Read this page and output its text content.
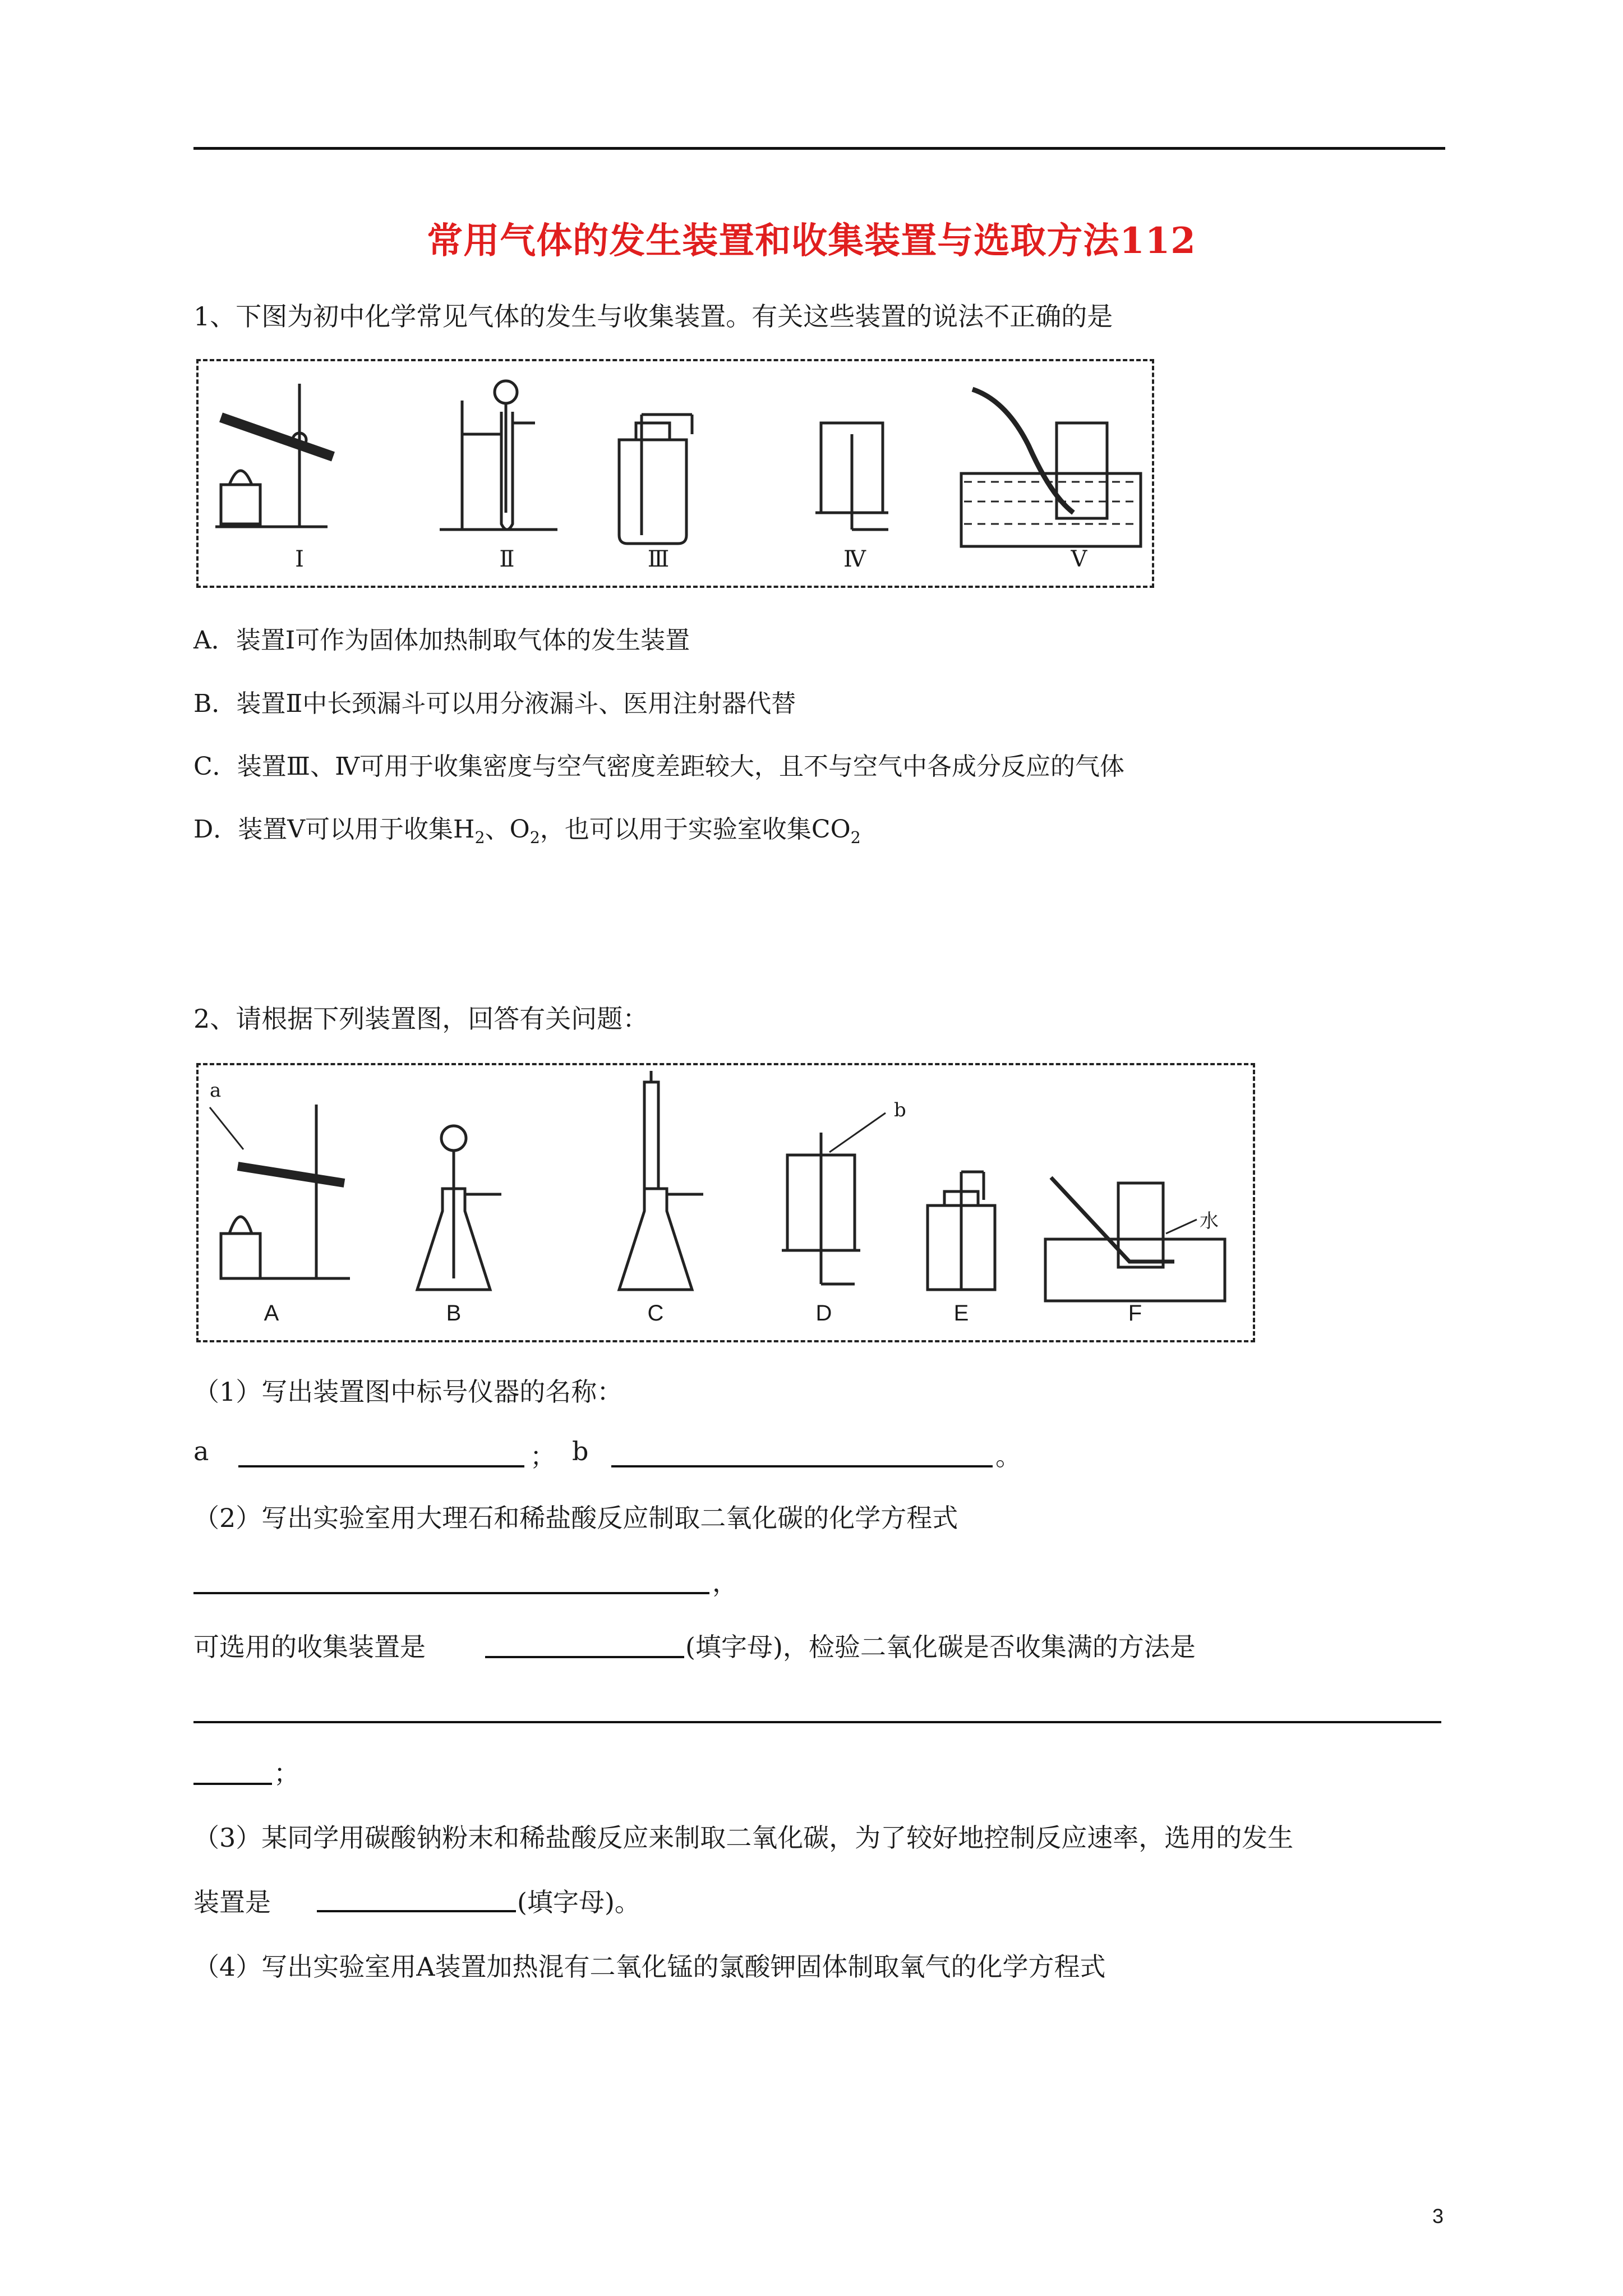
常用气体的发生装置和收集装置与选取方法112
1、下图为初中化学常见气体的发生与收集装置。有关这些装置的说法不正确的是
Ⅰ	Ⅱ	Ⅲ	Ⅳ	Ⅴ
A．装置Ⅰ可作为固体加热制取气体的发生装置
B．装置Ⅱ中长颈漏斗可以用分液漏斗、医用注射器代替
C．装置Ⅲ、Ⅳ可用于收集密度与空气密度差距较大，且不与空气中各成分反应的气体
D．装置Ⅴ可以用于收集$H_2$、$O_2$，也可以用于实验室收集$CO_2$
2、请根据下列装置图，回答有关问题：
a
b
水
A	B	C	D	E	F
（1）写出装置图中标号仪器的名称：
a	； b	。
（2）写出实验室用大理石和稀盐酸反应制取二氧化碳的化学方程式
，
可选用的收集装置是	(填字母)，检验二氧化碳是否收集满的方法是
；
（3）某同学用碳酸钠粉末和稀盐酸反应来制取二氧化碳，为了较好地控制反应速率，选用的发生
装置是	(填字母)。
（4）写出实验室用A装置加热混有二氧化锰的氯酸钾固体制取氧气的化学方程式
3
